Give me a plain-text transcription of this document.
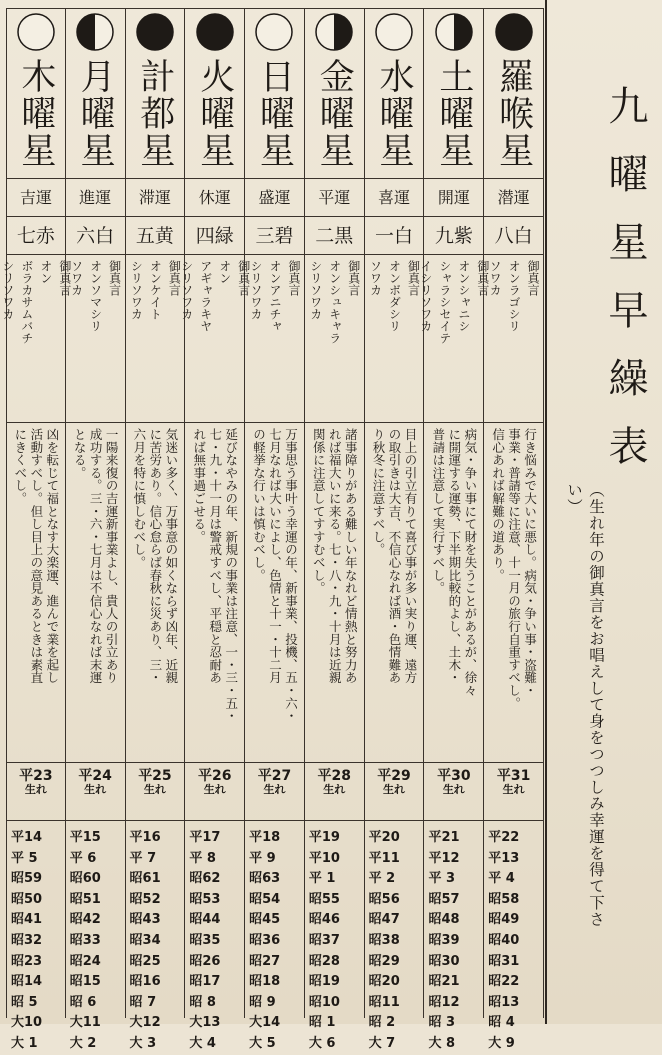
木曜星
吉運
七赤
御真言
オン
ボラカサムバチ
シリソワカ
凶を転じて福となす大楽運、進んで業を起し
活動すべし。但し目上の意見あるときは素直
にきくべし。
平23
生れ
平14
平 5
昭59
昭50
昭41
昭32
昭23
昭14
昭 5
大10
大 1
月曜星
進運
六白
御真言
オンソマシリ
ソワカ
一陽来復の吉運新事業よし、貴人の引立あり
成功する。三・六・七月は不信心なれば末運
となる。
平24
生れ
平15
平 6
昭60
昭51
昭42
昭33
昭24
昭15
昭 6
大11
大 2
計都星
滞運
五黄
御真言
オンケイト
シリソワカ
気迷い多く、万事意の如くならず凶年、近親
に苦労あり。信心怠らば春秋に災あり、三・
六月を特に慎しむべし。
平25
生れ
平16
平 7
昭61
昭52
昭43
昭34
昭25
昭16
昭 7
大12
大 3
火曜星
休運
四緑
御真言
オン
アギャラキヤ
シリソワカ
延びなやみの年、新規の事業は注意、一・三・五・
七・九・十一月は警戒すべし、平穏と忍耐あ
れば無事過ごせる。
平26
生れ
平17
平 8
昭62
昭53
昭44
昭35
昭26
昭17
昭 8
大13
大 4
日曜星
盛運
三碧
御真言
オンアニチャ
シリソワカ
万事思う事叶う幸運の年、新事業、投機、五・六・
七月なれば大いによし、色情と十一・十二月
の軽挙な行いは慎むべし。
平27
生れ
平18
平 9
昭63
昭54
昭45
昭36
昭27
昭18
昭 9
大14
大 5
金曜星
平運
二黒
御真言
オンシュキャラ
シリソワカ
諸事障りがある難しい年なれど情熱と努力あ
れば福大いに来る。七・八・九・十月は近親
関係に注意してすすむべし。
平28
生れ
平19
平10
平 1
昭55
昭46
昭37
昭28
昭19
昭10
昭 1
大 6
水曜星
喜運
一白
御真言
オンボダシリ
ソワカ
目上の引立有りて喜び事が多い実り運、遠方
の取引きは大吉、不信心なれば酒・色情難あ
り秋冬に注意すべし。
平29
生れ
平20
平11
平 2
昭56
昭47
昭38
昭29
昭20
昭11
昭 2
大 7
土曜星
開運
九紫
御真言
オンシャニシ
シャラシセイテ
イシリソワカ
病気・争い事にて財を失うことがあるが、徐々
に開運する運勢、下半期比較的よし、土木・
普請は注意して実行すべし。
平30
生れ
平21
平12
平 3
昭57
昭48
昭39
昭30
昭21
昭12
昭 3
大 8
羅喉星
潜運
八白
御真言
オンラゴシリ
ソワカ
行き悩みで大いに悪し。病気・争い事・盗難・
事業・普請等に注意、十一月の旅行自重すべし。
信心あれば解難の道あり。
平31
生れ
平22
平13
平 4
昭58
昭49
昭40
昭31
昭22
昭13
昭 4
大 9
九曜星早繰表
（生れ年の御真言をお唱えして身をつつしみ幸運を得て下さい）
